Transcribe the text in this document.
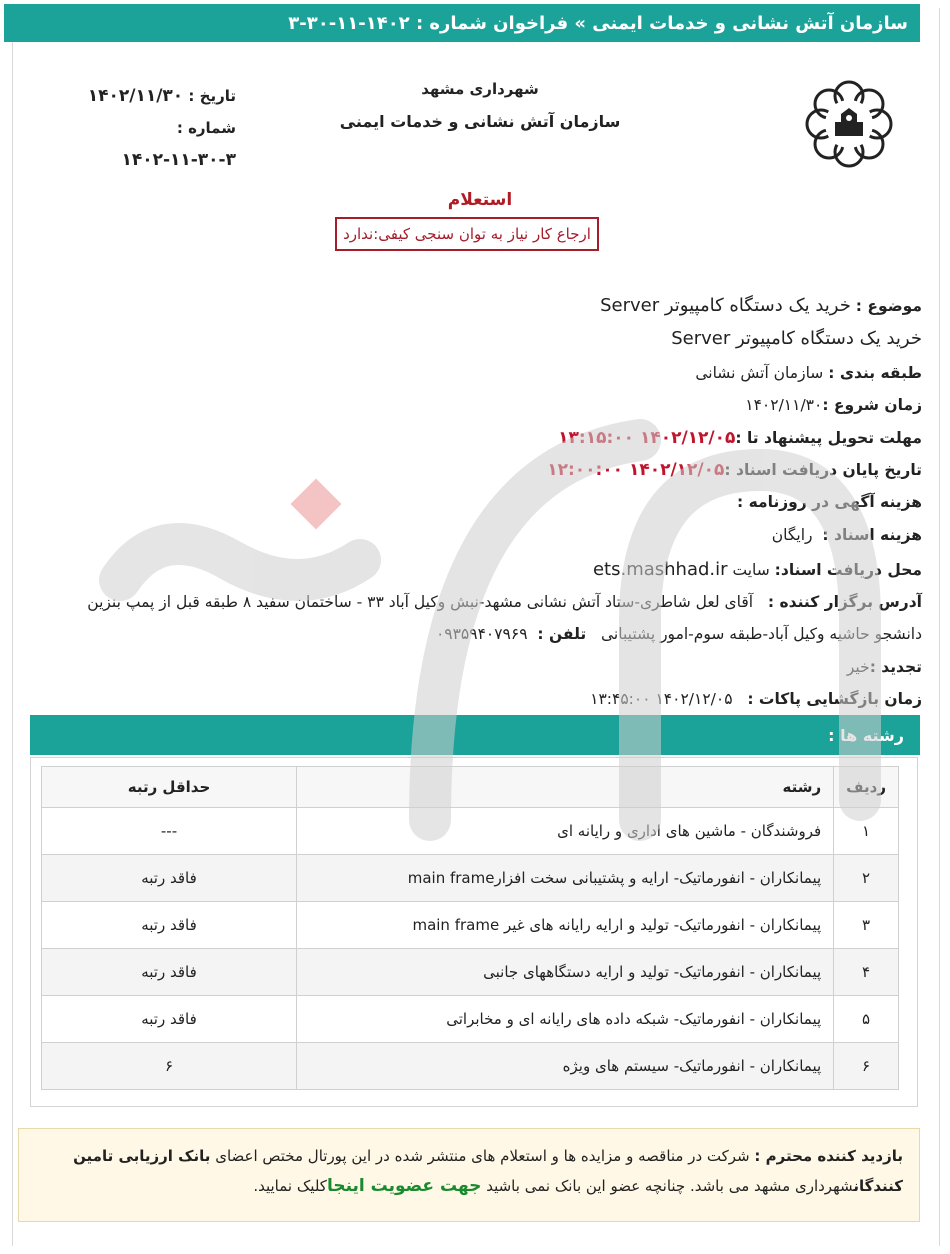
سازمان آتش نشانی و خدمات ایمنی » فراخوان شماره : ۱۴۰۲-۱۱-۳۰-۳
شهرداری مشهد
سازمان آتش نشانی و خدمات ایمنی
تاریخ : ۱۴۰۲/۱۱/۳۰
شماره :
۱۴۰۲-۱۱-۳۰-۳
استعلام
ارجاع کار نیاز به توان سنجی کیفی:ندارد
موضوع : خرید یک دستگاه کامپیوتر Server
خرید یک دستگاه کامپیوتر Server
طبقه بندی : سازمان آتش نشانی
زمان شروع :۱۴۰۲/۱۱/۳۰
مهلت تحویل پیشنهاد تا :۱۴۰۲/۱۲/۰۵ ۱۳:۱۵:۰۰
تاریخ پایان دریافت اسناد :۱۴۰۲/۱۲/۰۵ ۱۲:۰۰:۰۰
هزینه آگهی در روزنامه :
هزینه اسناد :  رایگان
محل دریافت اسناد: سایت ets.mashhad.ir
آدرس برگزار کننده :   آقای لعل شاطری-ستاد آتش نشانی مشهد-نبش وکیل آباد ۳۳ - ساختمان سفید ۸ طبقه قبل از پمپ بنزین
دانشجو حاشیه وکیل آباد-طبقه سوم-امور پشتیبانی   تلفن :  ۰۹۳۵۹۴۰۷۹۶۹
تجدید :خیر
زمان بازگشایی پاکات :   ۱۴۰۲/۱۲/۰۵ ۱۳:۴۵:۰۰
رشته ها :
ردیف	رشته	حداقل رتبه
۱	فروشندگان - ماشین های اداری و رایانه ای	---
۲	پیمانکاران - انفورماتیک- ارایه و پشتیبانی سخت افزارmain frame	فاقد رتبه
۳	پیمانکاران - انفورماتیک- تولید و ارایه رایانه های غیر main frame	فاقد رتبه
۴	پیمانکاران - انفورماتیک- تولید و ارایه دستگاههای جانبی	فاقد رتبه
۵	پیمانکاران - انفورماتیک- شبکه داده های رایانه ای و مخابراتی	فاقد رتبه
۶	پیمانکاران - انفورماتیک- سیستم های ویژه	۶
بازدید کننده محترم : شرکت در مناقصه و مزایده ها و استعلام های منتشر شده در این پورتال مختص اعضای بانک ارزیابی تامین کنندگانشهرداری مشهد می باشد. چنانچه عضو این بانک نمی باشید جهت عضویت اینجاکلیک نمایید.
